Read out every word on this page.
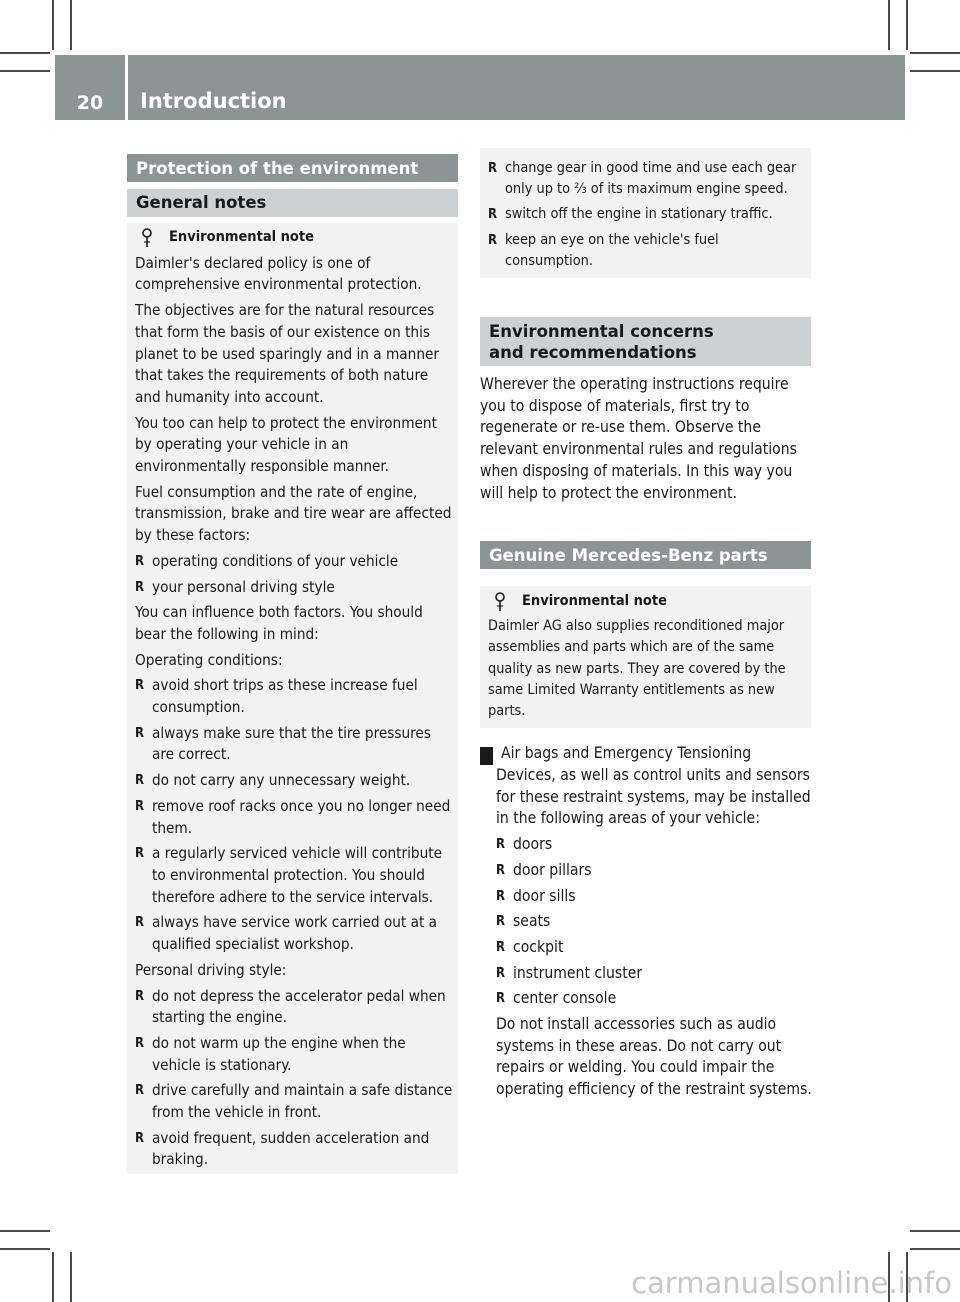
20	Introduction
Protection of the environment
General notes
Environmental note

Daimler's declared policy is one of comprehensive environmental protection.

The objectives are for the natural resources that form the basis of our existence on this planet to be used sparingly and in a manner that takes the requirements of both nature and humanity into account.

You too can help to protect the environment by operating your vehicle in an environmentally responsible manner.

Fuel consumption and the rate of engine, transmission, brake and tire wear are affected by these factors:

R operating conditions of your vehicle
R your personal driving style

You can influence both factors. You should bear the following in mind:

Operating conditions:

R avoid short trips as these increase fuel consumption.
R always make sure that the tire pressures are correct.
R do not carry any unnecessary weight.
R remove roof racks once you no longer need them.
R a regularly serviced vehicle will contribute to environmental protection. You should therefore adhere to the service intervals.
R always have service work carried out at a qualified specialist workshop.

Personal driving style:

R do not depress the accelerator pedal when starting the engine.
R do not warm up the engine when the vehicle is stationary.
R drive carefully and maintain a safe distance from the vehicle in front.
R avoid frequent, sudden acceleration and braking.
R change gear in good time and use each gear only up to ⅔ of its maximum engine speed.
R switch off the engine in stationary traffic.
R keep an eye on the vehicle's fuel consumption.
Environmental concerns and recommendations
Wherever the operating instructions require you to dispose of materials, first try to regenerate or re-use them. Observe the relevant environmental rules and regulations when disposing of materials. In this way you will help to protect the environment.
Genuine Mercedes-Benz parts
Environmental note

Daimler AG also supplies reconditioned major assemblies and parts which are of the same quality as new parts. They are covered by the same Limited Warranty entitlements as new parts.

! Air bags and Emergency Tensioning Devices, as well as control units and sensors for these restraint systems, may be installed in the following areas of your vehicle:
R doors
R door pillars
R door sills
R seats
R cockpit
R instrument cluster
R center console

Do not install accessories such as audio systems in these areas. Do not carry out repairs or welding. You could impair the operating efficiency of the restraint systems.

carmanualsonline.info
